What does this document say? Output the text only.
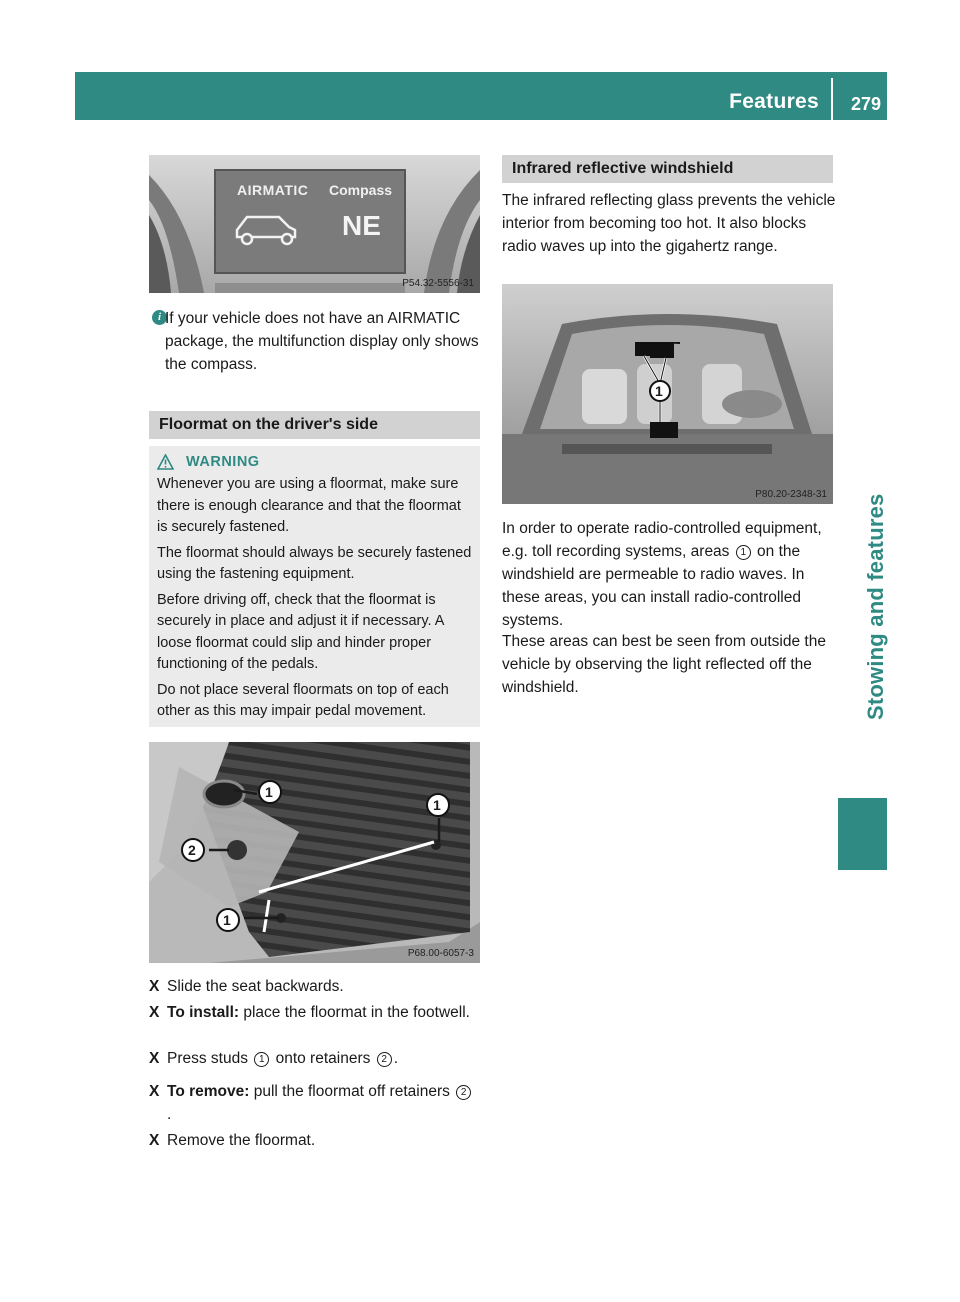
Features 279
Stowing and features
AIRMATIC Compass
NE
P54.32-5556-31
i If your vehicle does not have an AIRMATIC package, the multifunction display only shows the compass.
Floormat on the driver's side
WARNING
Whenever you are using a floormat, make sure there is enough clearance and that the floormat is securely fastened.
The floormat should always be securely fastened using the fastening equipment.
Before driving off, check that the floormat is securely in place and adjust it if necessary. A loose floormat could slip and hinder proper functioning of the pedals.
Do not place several floormats on top of each other as this may impair pedal movement.
1
1
2
1
P68.00-6057-3
X Slide the seat backwards.
X To install: place the floormat in the footwell.
X Press studs 1 onto retainers 2 .
X To remove: pull the floormat off retainers 2.
X Remove the floormat.
Infrared reflective windshield
The infrared reflecting glass prevents the vehicle interior from becoming too hot. It also blocks radio waves up into the gigahertz range.
1
P80.20-2348-31
In order to operate radio-controlled equipment, e.g. toll recording systems, areas 1 on the windshield are permeable to radio waves. In these areas, you can install radio-controlled systems.
These areas can best be seen from outside the vehicle by observing the light reflected off the windshield.
